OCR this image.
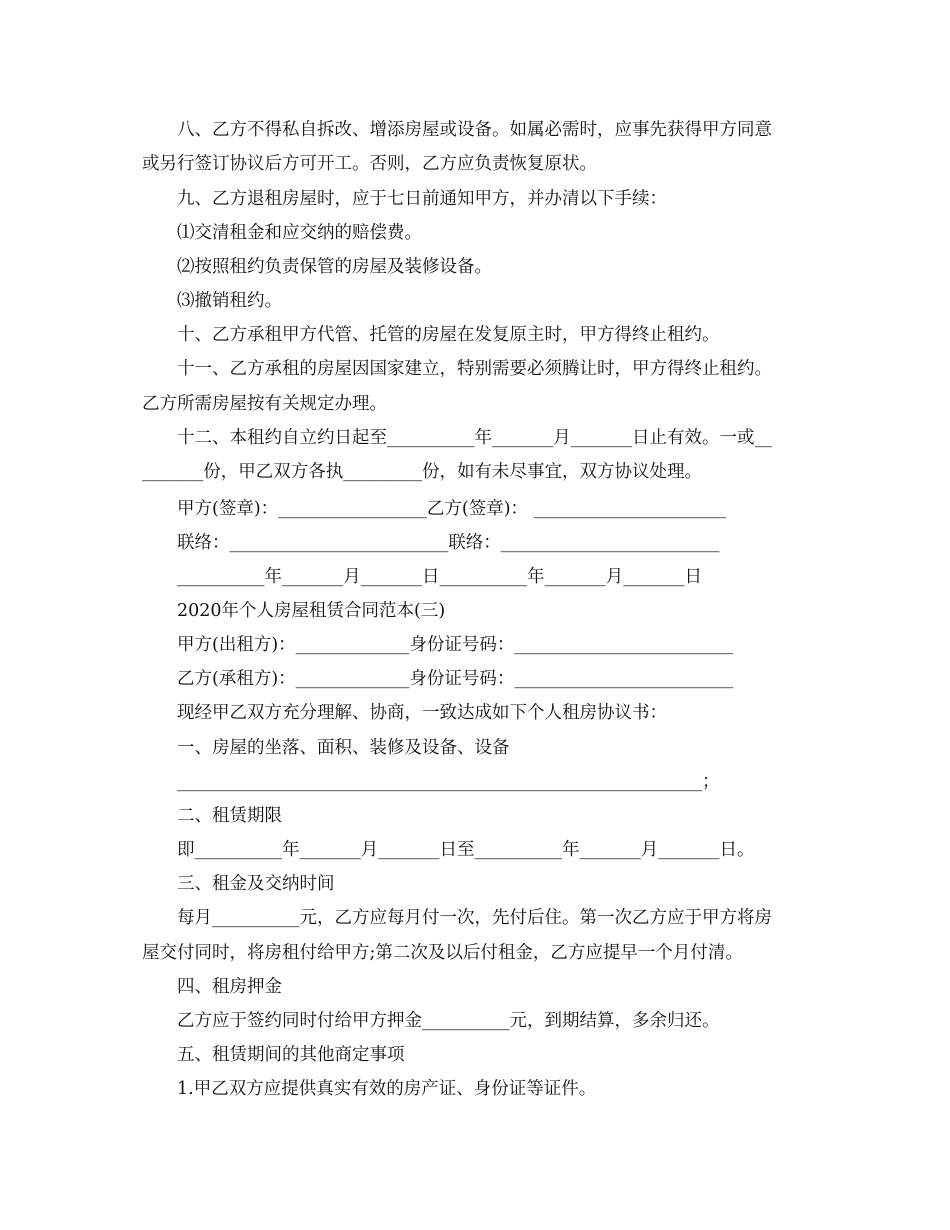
八、乙方不得私自拆改、增添房屋或设备。如属必需时，应事先获得甲方同意
或另行签订协议后方可开工。否则，乙方应负责恢复原状。
九、乙方退租房屋时，应于七日前通知甲方，并办清以下手续：
⑴交清租金和应交纳的赔偿费。
⑵按照租约负责保管的房屋及装修设备。
⑶撤销租约。
十、乙方承租甲方代管、托管的房屋在发复原主时，甲方得终止租约。
十一、乙方承租的房屋因国家建立，特别需要必须腾让时，甲方得终止租约。
乙方所需房屋按有关规定办理。
十二、本租约自立约日起至__________年_______月_______日止有效。一或__
_______份，甲乙双方各执_________份，如有未尽事宜，双方协议处理。
甲方(签章)：_________________乙方(签章)： ______________________
联络：_________________________联络：_________________________
__________年_______月_______日__________年_______月_______日
2020年个人房屋租赁合同范本(三)
甲方(出租方)：_____________身份证号码：_________________________
乙方(承租方)：_____________身份证号码：_________________________
现经甲乙双方充分理解、协商，一致达成如下个人租房协议书：
一、房屋的坐落、面积、装修及设备、设备
____________________________________________________________；
二、租赁期限
即__________年_______月_______日至__________年_______月_______日。
三、租金及交纳时间
每月__________元，乙方应每月付一次，先付后住。第一次乙方应于甲方将房
屋交付同时，将房租付给甲方;第二次及以后付租金，乙方应提早一个月付清。
四、租房押金
乙方应于签约同时付给甲方押金__________元，到期结算，多余归还。
五、租赁期间的其他商定事项
1.甲乙双方应提供真实有效的房产证、身份证等证件。
